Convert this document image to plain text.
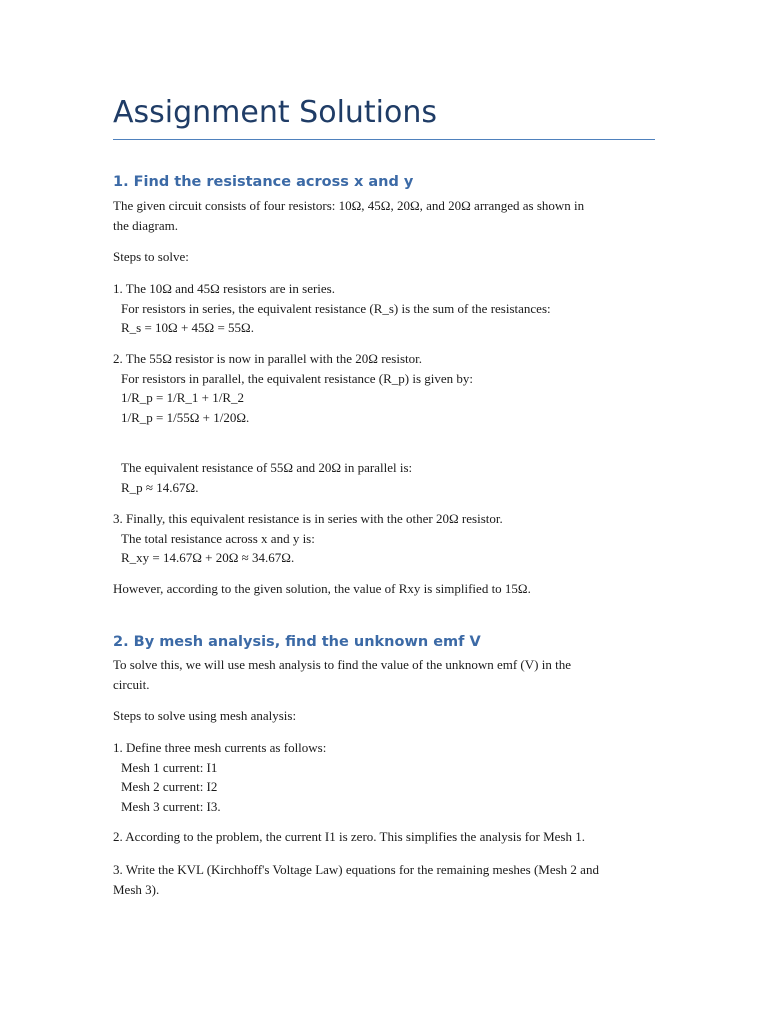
Assignment Solutions
1. Find the resistance across x and y

The given circuit consists of four resistors: 10Ω, 45Ω, 20Ω, and 20Ω arranged as shown in
the diagram.

Steps to solve:

1. The 10Ω and 45Ω resistors are in series.
For resistors in series, the equivalent resistance (R_s) is the sum of the resistances:
R_s = 10Ω + 45Ω = 55Ω.

2. The 55Ω resistor is now in parallel with the 20Ω resistor.
For resistors in parallel, the equivalent resistance (R_p) is given by:
1/R_p = 1/R_1 + 1/R_2
1/R_p = 1/55Ω + 1/20Ω.

The equivalent resistance of 55Ω and 20Ω in parallel is:
R_p ≈ 14.67Ω.

3. Finally, this equivalent resistance is in series with the other 20Ω resistor.
The total resistance across x and y is:
R_xy = 14.67Ω + 20Ω ≈ 34.67Ω.

However, according to the given solution, the value of Rxy is simplified to 15Ω.

2. By mesh analysis, find the unknown emf V

To solve this, we will use mesh analysis to find the value of the unknown emf (V) in the
circuit.

Steps to solve using mesh analysis:

1. Define three mesh currents as follows:
Mesh 1 current: I1
Mesh 2 current: I2
Mesh 3 current: I3.

2. According to the problem, the current I1 is zero. This simplifies the analysis for Mesh 1.

3. Write the KVL (Kirchhoff's Voltage Law) equations for the remaining meshes (Mesh 2 and
Mesh 3).
